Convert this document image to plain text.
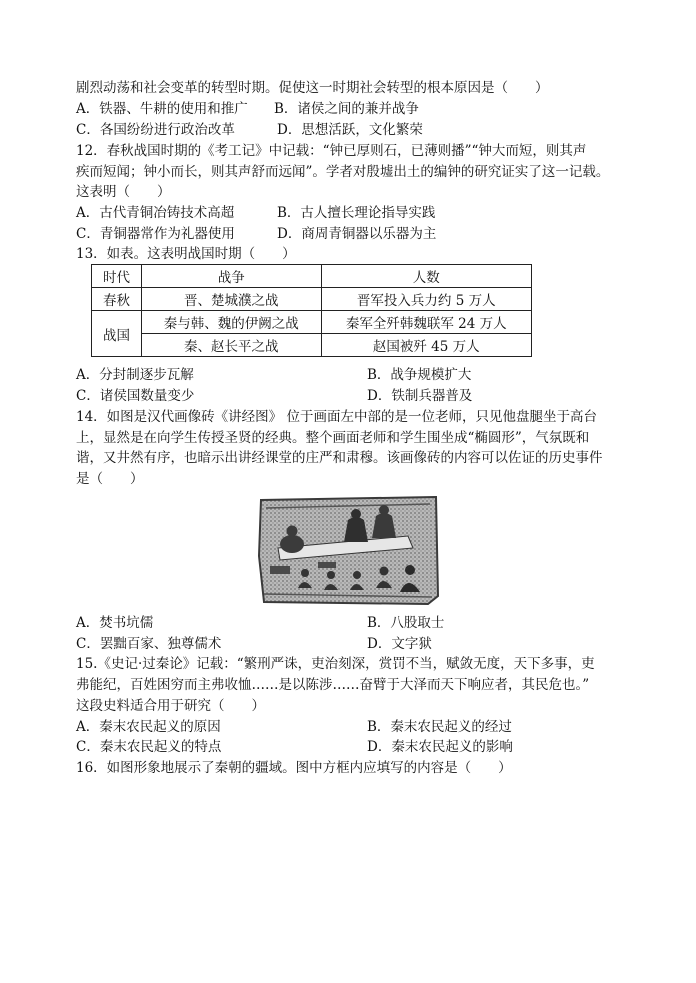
剧烈动荡和社会变革的转型时期。促使这一时期社会转型的根本原因是（　　）
A．铁器、牛耕的使用和推广 B．诸侯之间的兼并战争
C．各国纷纷进行政治改革	D．思想活跃，文化繁荣
12．春秋战国时期的《考工记》中记载：“钟已厚则石，已薄则播”“钟大而短，则其声
疾而短闻；钟小而长，则其声舒而远闻”。学者对殷墟出土的编钟的研究证实了这一记载。
这表明（　　）
A．古代青铜冶铸技术高超	B．古人擅长理论指导实践
C．青铜器常作为礼器使用	D．商周青铜器以乐器为主
13．如表。这表明战国时期（　　）
时代	战争	人数
春秋	晋、楚城濮之战	晋军投入兵力约 5 万人
战国	秦与韩、魏的伊阙之战	秦军全歼韩魏联军 24 万人
	秦、赵长平之战	赵国被歼 45 万人
A．分封制逐步瓦解	B．战争规模扩大
C．诸侯国数量变少	D．铁制兵器普及
14．如图是汉代画像砖《讲经图》 位于画面左中部的是一位老师，只见他盘腿坐于高台
上，显然是在向学生传授圣贤的经典。整个画面老师和学生围坐成“椭圆形”，气氛既和
谐，又井然有序，也暗示出讲经课堂的庄严和肃穆。该画像砖的内容可以佐证的历史事件
是（　　）
A．焚书坑儒	B．八股取士
C．罢黜百家、独尊儒术	D．文字狱
15.《史记·过秦论》记载：“繁刑严诛，吏治刻深，赏罚不当，赋敛无度，天下多事，吏
弗能纪，百姓困穷而主弗收恤……是以陈涉……奋臂于大泽而天下响应者，其民危也。”
这段史料适合用于研究（　　）
A．秦末农民起义的原因	B．秦末农民起义的经过
C．秦末农民起义的特点	D．秦末农民起义的影响
16．如图形象地展示了秦朝的疆域。图中方框内应填写的内容是（　　）
